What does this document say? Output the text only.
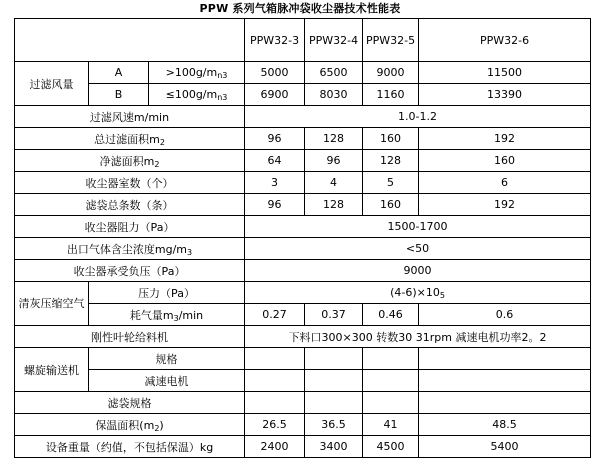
PPW 系列气箱脉冲袋收尘器技术性能表
			PPW32-3	PPW32-4	PPW32-5	PPW32-6
过滤风量	A	$>100g/m_{n3}$	5000	6500	9000	11500
	B	$\le 100g/m_{n3}$	6900	8030	1160	13390
过滤风速m/min			1.0-1.2			
总过滤面积$m_2$			96	128	160	192
净滤面积$m_2$			64	96	128	160
收尘器室数（个）			3	4	5	6
滤袋总条数（条）			96	128	160	192
收尘器阻力（Pa）			1500-1700			
出口气体含尘浓度$mg/m_3$			<50			
收尘器承受负压（Pa）			9000			
清灰压缩空气	压力（Pa）		$(4-6)\times 10_5$
	耗气量$m_3/\min$		0.27	0.37	0.46	0.6
刚性叶轮给料机			下料口300×300 转数30 31rpm 减速电机功率2。2			
螺旋输送机	规格					
	减速电机					
滤袋规格						
保温面积$(m_2)$			26.5	36.5	41	48.5
设备重量（约值，不包括保温）kg			2400	3400	4500	5400
